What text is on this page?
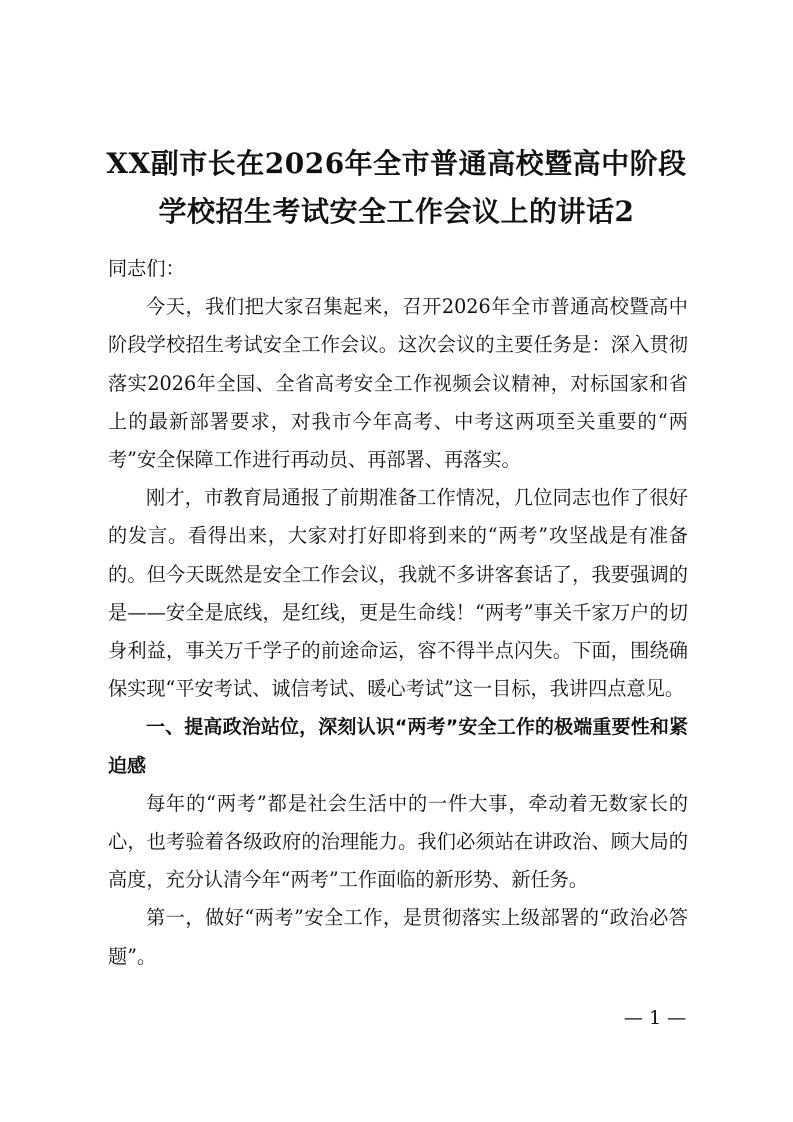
XX副市长在2026年全市普通高校暨高中阶段
学校招生考试安全工作会议上的讲话2

同志们：

今天，我们把大家召集起来，召开2026年全市普通高校暨高中阶段学校招生考试安全工作会议。这次会议的主要任务是：深入贯彻落实2026年全国、全省高考安全工作视频会议精神，对标国家和省上的最新部署要求，对我市今年高考、中考这两项至关重要的“两考”安全保障工作进行再动员、再部署、再落实。

刚才，市教育局通报了前期准备工作情况，几位同志也作了很好的发言。看得出来，大家对打好即将到来的“两考”攻坚战是有准备的。但今天既然是安全工作会议，我就不多讲客套话了，我要强调的是——安全是底线，是红线，更是生命线！“两考”事关千家万户的切身利益，事关万千学子的前途命运，容不得半点闪失。下面，围绕确保实现“平安考试、诚信考试、暖心考试”这一目标，我讲四点意见。

一、提高政治站位，深刻认识“两考”安全工作的极端重要性和紧迫感

每年的“两考”都是社会生活中的一件大事，牵动着无数家长的心，也考验着各级政府的治理能力。我们必须站在讲政治、顾大局的高度，充分认清今年“两考”工作面临的新形势、新任务。

第一，做好“两考”安全工作，是贯彻落实上级部署的“政治必答题”。

— 1 —
